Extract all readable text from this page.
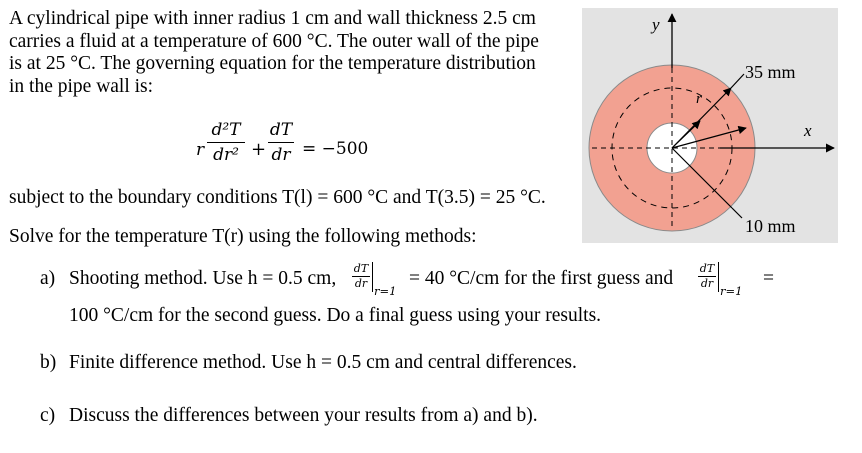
A cylindrical pipe with inner radius 1 cm and wall thickness 2.5 cm
carries a fluid at a temperature of 600 °C. The outer wall of the pipe
is at 25 °C. The governing equation for the temperature distribution
in the pipe wall is:
r
d²T
dr² +
dT
dr = −500
subject to the boundary conditions T(l) = 600 °C and T(3.5) = 25 °C.
Solve for the temperature T(r) using the following methods:
a) Shooting method. Use h = 0.5 cm, dT
dr
r=1
= 40 °C/cm for the first guess and dT
dr
r=1
=
100 °C/cm for the second guess. Do a final guess using your results.
b) Finite difference method. Use h = 0.5 cm and central differences.
c) Discuss the differences between your results from a) and b).
y
x
r
35 mm
10 mm
